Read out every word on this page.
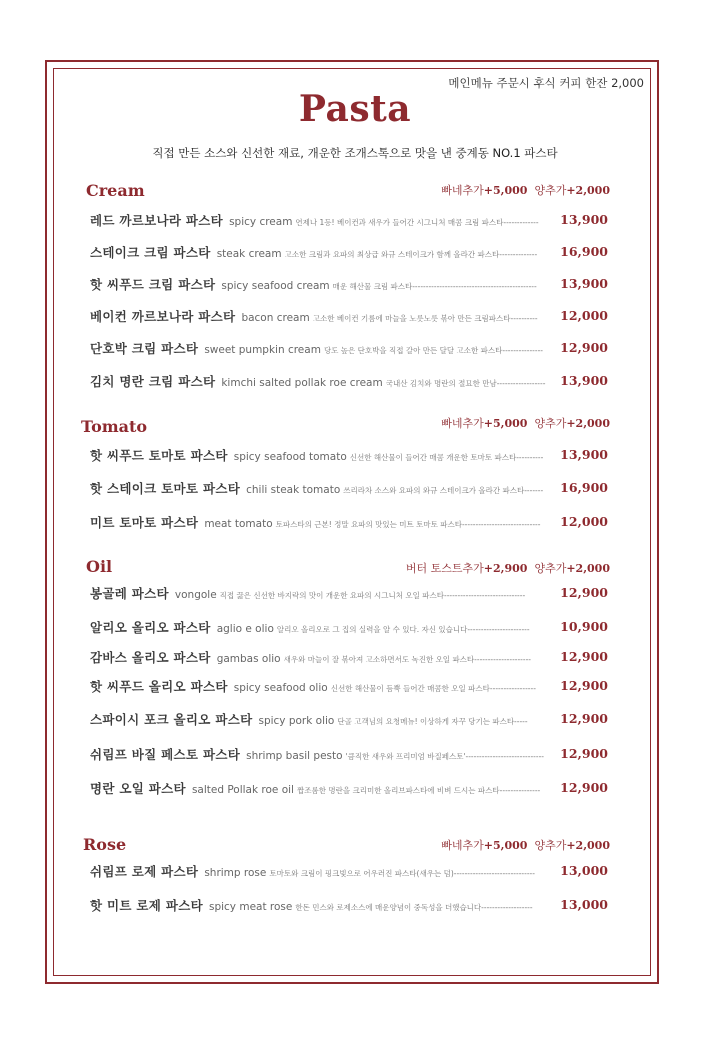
메인메뉴 주문시 후식 커피 한잔 2,000
Pasta
직접 만든 소스와 신선한 재료, 개운한 조개스톡으로 맛을 낸 중계동 NO.1 파스타
Cream	빠네추가+5,000 양추가+2,000
레드 까르보나라 파스타 spicy cream 연제나 1등! 베이컨과 새우가 들어간 시그니처 매콤 크림 파스타------------- 13,900
스테이크 크림 파스타 steak cream 고소한 크림과 요파의 최상급 와규 스테이크가 함께 올라간 파스타-------------- 16,900
핫 씨푸드 크림 파스타 spicy seafood cream 매운 해산물 크림 파스타---------------------------------------------- 13,900
베이컨 까르보나라 파스타 bacon cream 고소한 베이컨 기름에 마늘을 노릇노릇 볶아 만든 크림파스타---------- 12,000
단호박 크림 파스타 sweet pumpkin cream 당도 높은 단호박을 직접 갈아 만든 달달 고소한 파스타--------------- 12,900
김치 명란 크림 파스타 kimchi salted pollak roe cream 국내산 김치와 명란의 절묘한 만남------------------ 13,900
Tomato	빠네추가+5,000 양추가+2,000
핫 씨푸드 토마토 파스타 spicy seafood tomato 신선한 해산물이 들어간 매콤 개운한 토마토 파스타---------- 13,900
핫 스테이크 토마토 파스타 chili steak tomato 쓰리라차 소스와 요파의 와규 스테이크가 올라간 파스타------- 16,900
미트 토마토 파스타 meat tomato 토파스타의 근본! 정말 요파의 맛있는 미트 토마토 파스타----------------------------- 12,000
Oil	버터 토스트추가+2,900 양추가+2,000
봉골레 파스타 vongole 직접 끓은 신선한 바지락의 맛이 개운한 요파의 시그니처 오일 파스타------------------------------	12,900
알리오 올리오 파스타 aglio e olio 알리오 올리오로 그 집의 실력을 알 수 있다. 자신 있습니다----------------------- 10,900
감바스 올리오 파스타 gambas olio 새우와 마늘이 잘 볶아져 고소하면서도 녹진한 오일 파스타--------------------- 12,900
핫 씨푸드 올리오 파스타 spicy seafood olio 신선한 해산물이 듬뿍 들어간 매콤한 오일 파스타----------------- 12,900
스파이시 포크 올리오 파스타 spicy pork olio 단골 고객님의 요청메뉴! 이상하게 자꾸 당기는 파스타-----	12,900
쉬림프 바질 페스토 파스타 shrimp basil pesto '큼직한 새우와 프리미엄 바질페스토'----------------------------- 12,900
명란 오일 파스타 salted Pollak roe oil 짭조롬한 명란을 크리미한 올리브파스타에 비벼 드시는 파스타--------------- 12,900
Rose	빠네추가+5,000 양추가+2,000
쉬림프 로제 파스타 shrimp rose 토마토와 크림이 핑크빛으로 어우러진 파스타(새우는 덤)------------------------------ 13,000
핫 미트 로제 파스타 spicy meat rose 한돈 민스와 로제소스에 매운양념이 중독성을 더했습니다------------------- 13,000
